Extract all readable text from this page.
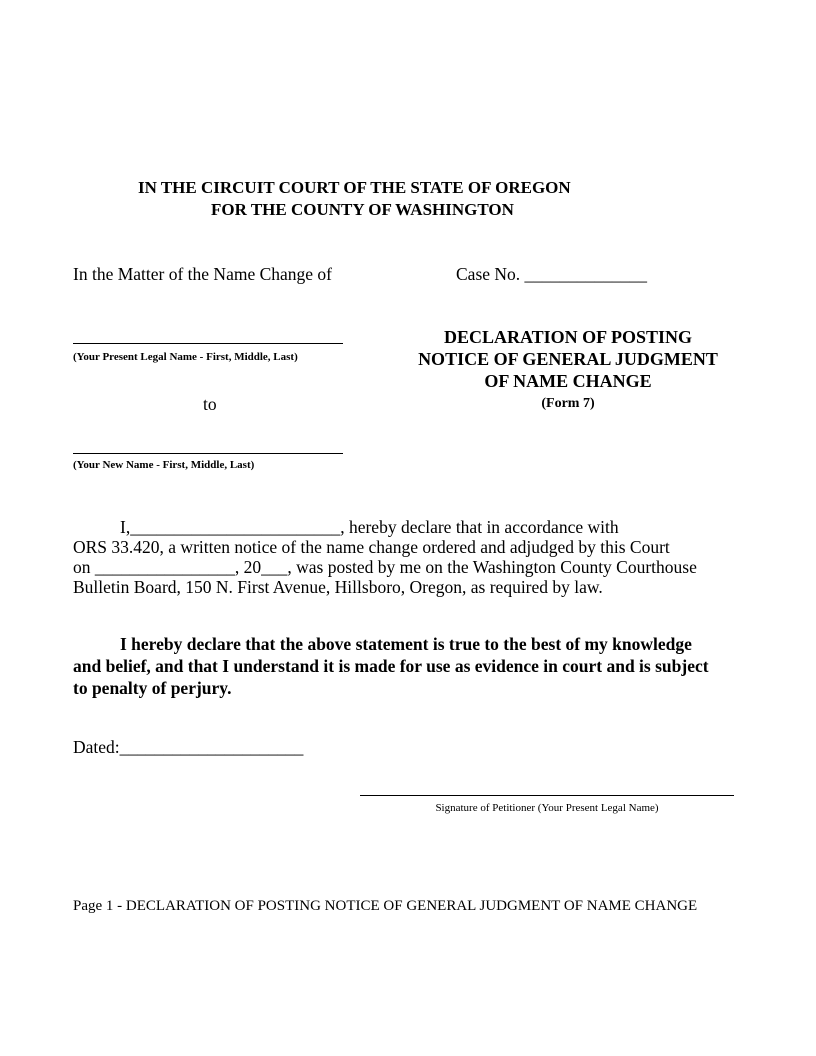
IN THE CIRCUIT COURT OF THE STATE OF OREGON
FOR THE COUNTY OF WASHINGTON
In the Matter of the Name Change of
(Your Present Legal Name - First, Middle, Last)
to
(Your New Name - First, Middle, Last)
Case No. ______________
DECLARATION OF POSTING
NOTICE OF GENERAL JUDGMENT
OF NAME CHANGE
(Form 7)
I,________________________, hereby declare that in accordance with
ORS 33.420, a written notice of the name change ordered and adjudged by this Court
on ________________, 20___, was posted by me on the Washington County Courthouse
Bulletin Board, 150 N. First Avenue, Hillsboro, Oregon, as required by law.
I hereby declare that the above statement is true to the best of my knowledge
and belief, and that I understand it is made for use as evidence in court and is subject
to penalty of perjury.
Dated:_____________________
Signature of Petitioner (Your Present Legal Name)
Page 1 - DECLARATION OF POSTING NOTICE OF GENERAL JUDGMENT OF NAME CHANGE
